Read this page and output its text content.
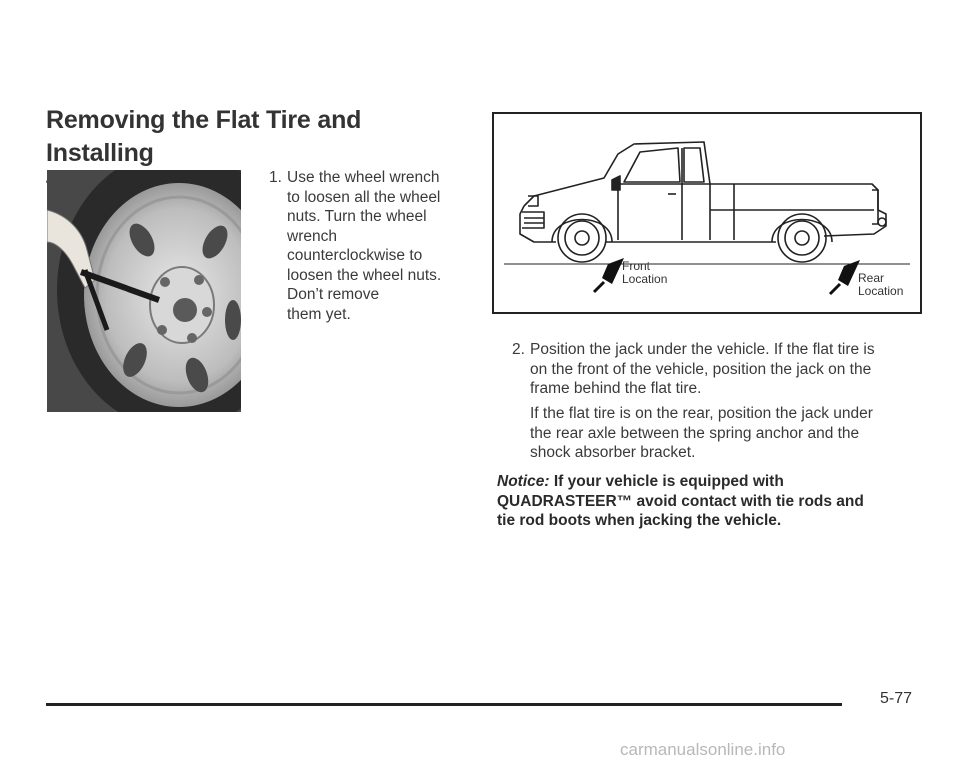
Removing the Flat Tire and Installing
1. Use the wheel wrench
to loosen all the wheel
nuts. Turn the wheel
wrench
counterclockwise to
loosen the wheel nuts.
Don’t remove
them yet.
Front
Location	Rear
Location
2. Position the jack under the vehicle. If the flat tire is
on the front of the vehicle, position the jack on the
frame behind the flat tire.
If the flat tire is on the rear, position the jack under
the rear axle between the spring anchor and the
shock absorber bracket.
Notice: If your vehicle is equipped with
QUADRASTEER™ avoid contact with tie rods and
tie rod boots when jacking the vehicle.
5-77
carmanualsonline.info
